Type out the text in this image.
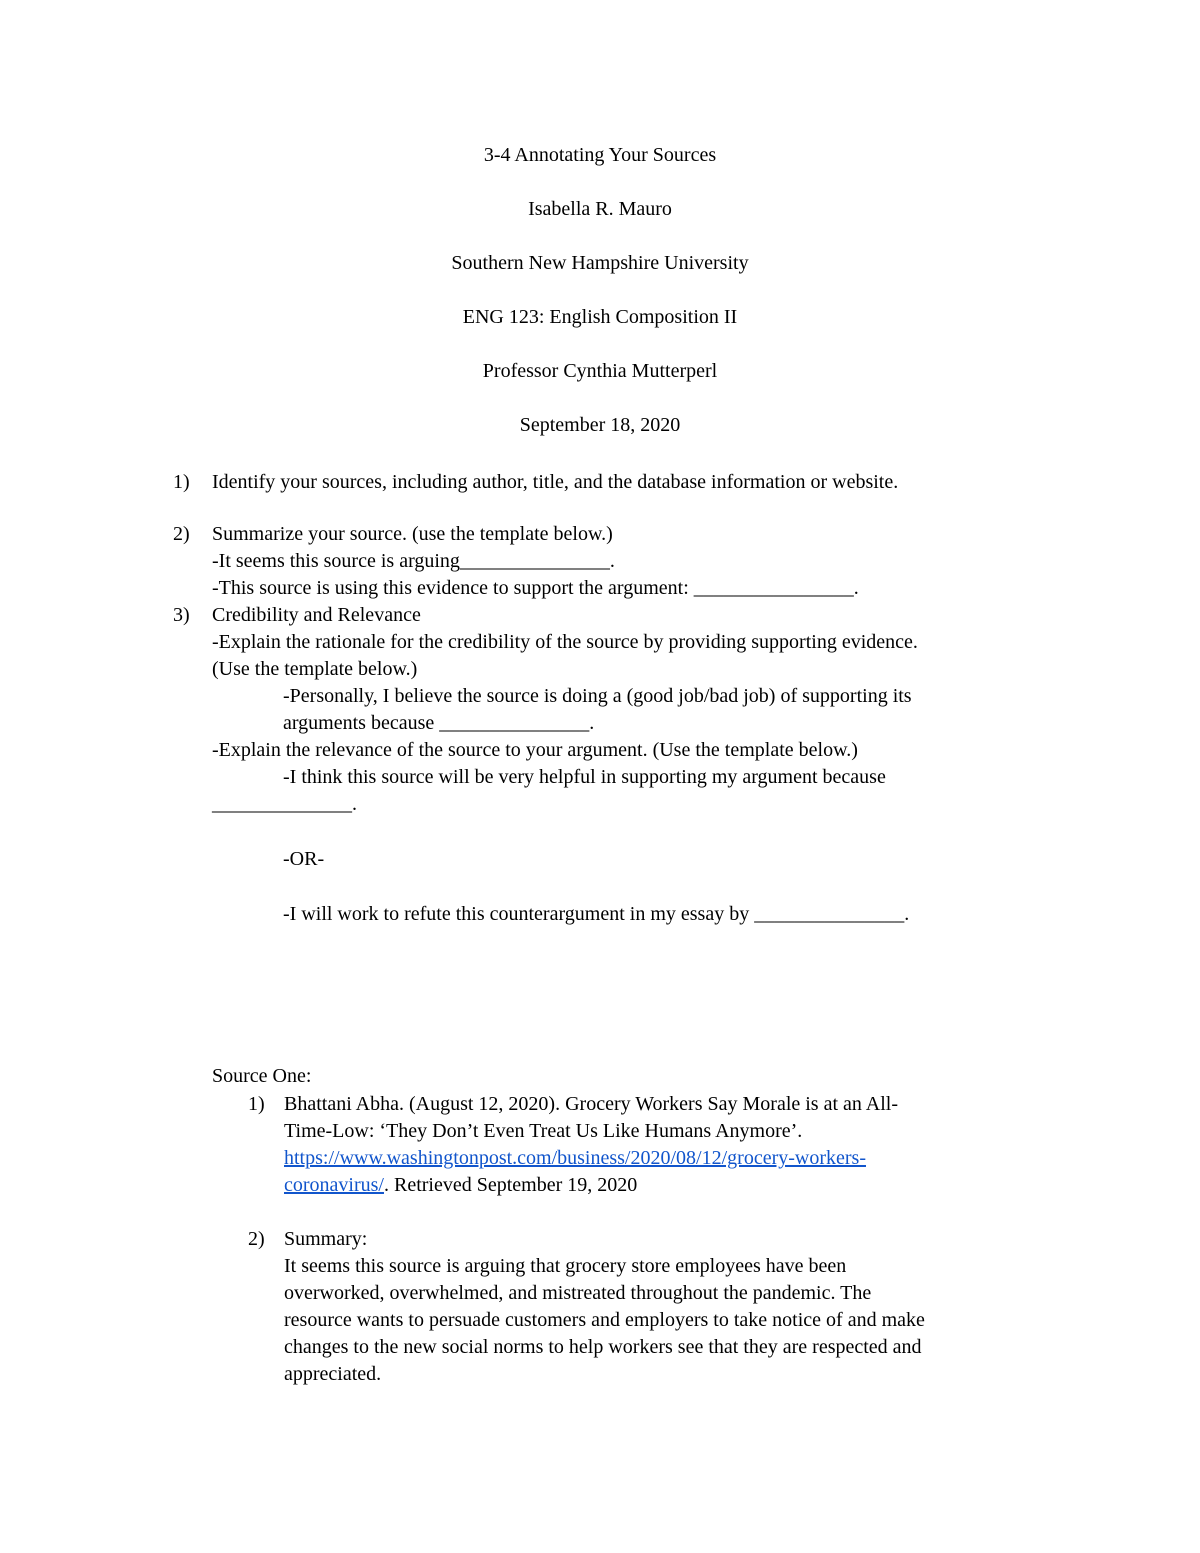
3-4 Annotating Your Sources
Isabella R. Mauro
Southern New Hampshire University
ENG 123: English Composition II
Professor Cynthia Mutterperl
September 18, 2020
1) Identify your sources, including author, title, and the database information or website.
2) Summarize your source. (use the template below.)
-It seems this source is arguing_______________.
-This source is using this evidence to support the argument: ________________.
3) Credibility and Relevance
-Explain the rationale for the credibility of the source by providing supporting evidence.
(Use the template below.)
-Personally, I believe the source is doing a (good job/bad job) of supporting its
arguments because _______________.
-Explain the relevance of the source to your argument. (Use the template below.)
-I think this source will be very helpful in supporting my argument because
______________.
-OR-
-I will work to refute this counterargument in my essay by _______________.
Source One:
1) Bhattani Abha. (August 12, 2020). Grocery Workers Say Morale is at an All-
Time-Low: ‘They Don’t Even Treat Us Like Humans Anymore’.
https://www.washingtonpost.com/business/2020/08/12/grocery-workers-
coronavirus/. Retrieved September 19, 2020
2) Summary:
It seems this source is arguing that grocery store employees have been
overworked, overwhelmed, and mistreated throughout the pandemic. The
resource wants to persuade customers and employers to take notice of and make
changes to the new social norms to help workers see that they are respected and
appreciated.
